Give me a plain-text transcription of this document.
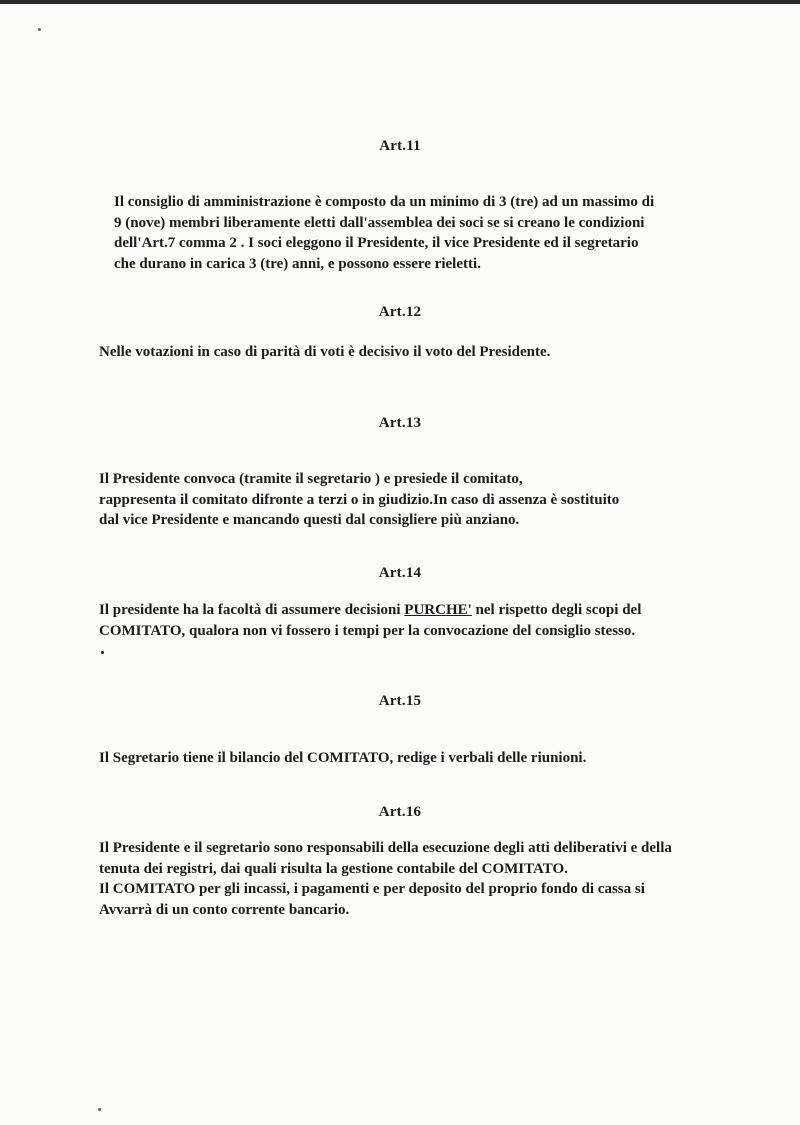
Art.11
Il consiglio di amministrazione è composto da un minimo di 3 (tre) ad un massimo di
9 (nove) membri liberamente eletti dall'assemblea dei soci se si creano le condizioni
dell'Art.7 comma 2 . I soci eleggono il Presidente, il vice Presidente ed il segretario
che durano in carica 3 (tre) anni, e possono essere rieletti.
Art.12
Nelle votazioni in caso di parità di voti è decisivo il voto del Presidente.
Art.13
Il Presidente convoca (tramite il segretario ) e presiede il comitato,
rappresenta il comitato difronte a terzi o in giudizio.In caso di assenza è sostituito
dal vice Presidente e mancando questi dal consigliere più anziano.
Art.14
Il presidente ha la facoltà di assumere decisioni PURCHE' nel rispetto degli scopi del
COMITATO, qualora non vi fossero i tempi per la convocazione del consiglio stesso.
Art.15
Il Segretario tiene il bilancio del COMITATO, redige i verbali delle riunioni.
Art.16
Il Presidente e il segretario sono responsabili della esecuzione degli atti deliberativi e della
tenuta dei registri, dai quali risulta la gestione contabile del COMITATO.
Il COMITATO per gli incassi, i pagamenti e per deposito del proprio fondo di cassa si
Avvarrà di un conto corrente bancario.
